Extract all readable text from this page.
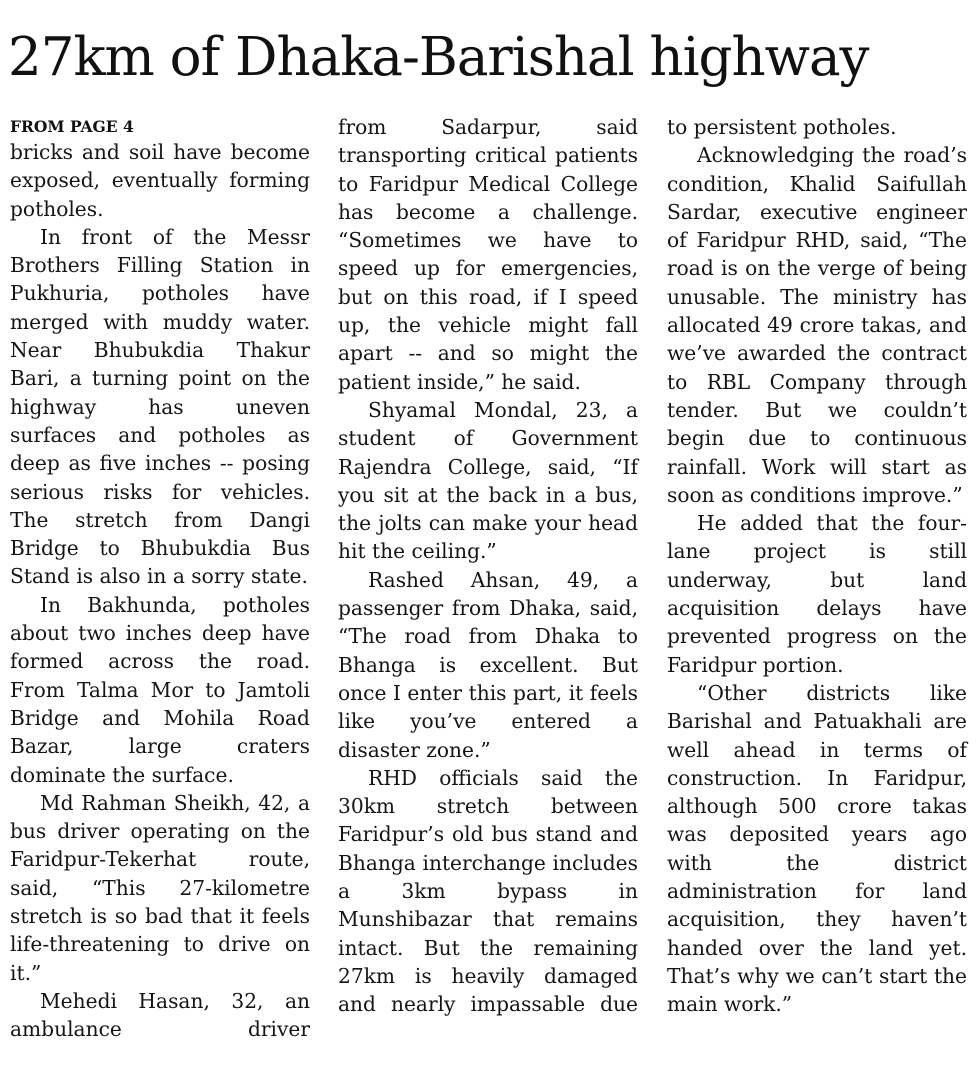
27km of Dhaka-Barishal highway
FROM PAGE 4

bricks and soil have become exposed, eventually forming potholes.

In front of the Messr Brothers Filling Station in Pukhuria, potholes have merged with muddy water. Near Bhubukdia Thakur Bari, a turning point on the highway has uneven surfaces and potholes as deep as five inches -- posing serious risks for vehicles. The stretch from Dangi Bridge to Bhubukdia Bus Stand is also in a sorry state.

In Bakhunda, potholes about two inches deep have formed across the road. From Talma Mor to Jamtoli Bridge and Mohila Road Bazar, large craters dominate the surface.

Md Rahman Sheikh, 42, a bus driver operating on the Faridpur-Tekerhat route, said, “This 27-kilometre stretch is so bad that it feels life-threatening to drive on it.”

Mehedi Hasan, 32, an ambulance driver

from Sadarpur, said transporting critical patients to Faridpur Medical College has become a challenge. “Sometimes we have to speed up for emergencies, but on this road, if I speed up, the vehicle might fall apart -- and so might the patient inside,” he said.

Shyamal Mondal, 23, a student of Government Rajendra College, said, “If you sit at the back in a bus, the jolts can make your head hit the ceiling.”

Rashed Ahsan, 49, a passenger from Dhaka, said, “The road from Dhaka to Bhanga is excellent. But once I enter this part, it feels like you’ve entered a disaster zone.”

RHD officials said the 30km stretch between Faridpur’s old bus stand and Bhanga interchange includes a 3km bypass in Munshibazar that remains intact. But the remaining 27km is heavily damaged and nearly impassable due

to persistent potholes.

Acknowledging the road’s condition, Khalid Saifullah Sardar, executive engineer of Faridpur RHD, said, “The road is on the verge of being unusable. The ministry has allocated 49 crore takas, and we’ve awarded the contract to RBL Company through tender. But we couldn’t begin due to continuous rainfall. Work will start as soon as conditions improve.”

He added that the four-lane project is still underway, but land acquisition delays have prevented progress on the Faridpur portion.

“Other districts like Barishal and Patuakhali are well ahead in terms of construction. In Faridpur, although 500 crore takas was deposited years ago with the district administration for land acquisition, they haven’t handed over the land yet. That’s why we can’t start the main work.”
